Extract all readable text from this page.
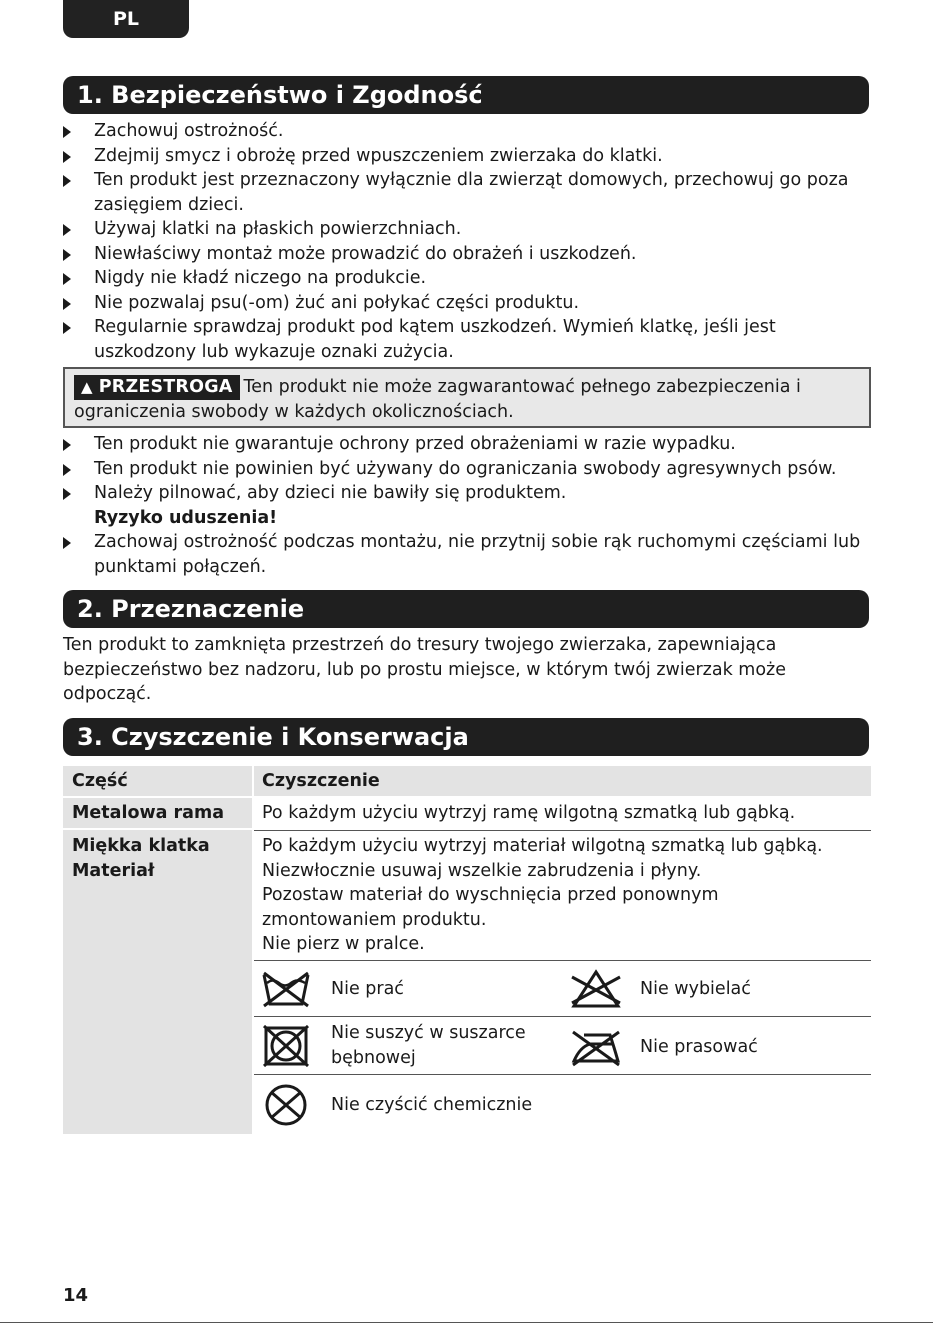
PL
1. Bezpieczeństwo i Zgodność
Zachowuj ostrożność.
Zdejmij smycz i obrożę przed wpuszczeniem zwierzaka do klatki.
Ten produkt jest przeznaczony wyłącznie dla zwierząt domowych, przechowuj go poza zasięgiem dzieci.
Używaj klatki na płaskich powierzchniach.
Niewłaściwy montaż może prowadzić do obrażeń i uszkodzeń.
Nigdy nie kładź niczego na produkcie.
Nie pozwalaj psu(-om) żuć ani połykać części produktu.
Regularnie sprawdzaj produkt pod kątem uszkodzeń. Wymień klatkę, jeśli jest uszkodzony lub wykazuje oznaki zużycia.
▲ PRZESTROGA Ten produkt nie może zagwarantować pełnego zabezpieczenia i ograniczenia swobody w każdych okolicznościach.
Ten produkt nie gwarantuje ochrony przed obrażeniami w razie wypadku.
Ten produkt nie powinien być używany do ograniczania swobody agresywnych psów.
Należy pilnować, aby dzieci nie bawiły się produktem.
Ryzyko uduszenia!
Zachowaj ostrożność podczas montażu, nie przytnij sobie rąk ruchomymi częściami lub punktami połączeń.
2. Przeznaczenie

Ten produkt to zamknięta przestrzeń do tresury twojego zwierzaka, zapewniająca bezpieczeństwo bez nadzoru, lub po prostu miejsce, w którym twój zwierzak może odpocząć.

3. Czyszczenie i Konserwacja
Część	Czyszczenie
Metalowa rama Po każdym użyciu wytrzyj ramę wilgotną szmatką lub gąbką.
Miękka klatka
Materiał
Po każdym użyciu wytrzyj materiał wilgotną szmatką lub gąbką.
Niezwłocznie usuwaj wszelkie zabrudzenia i płyny.
Pozostaw materiał do wyschnięcia przed ponownym
zmontowaniem produktu.
Nie pierz w pralce.
Nie prać	Nie wybielać
Nie suszyć w suszarce
bębnowej
Nie prasować
Nie czyścić chemicznie
14
